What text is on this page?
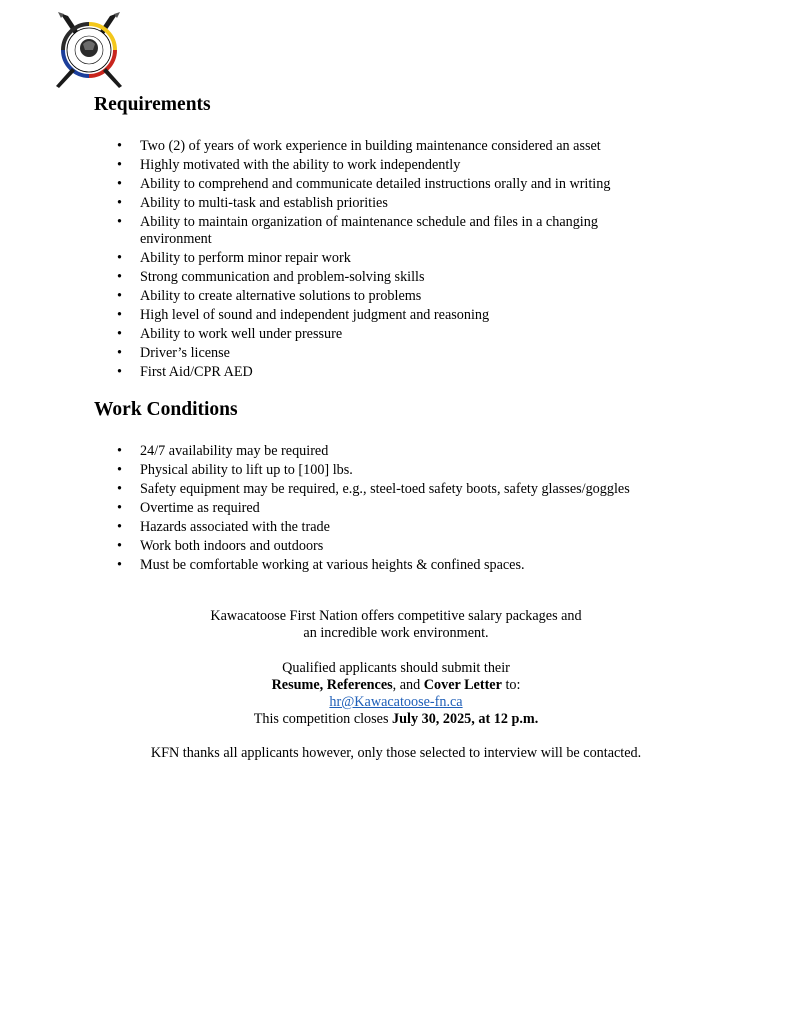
Requirements
• Two (2) of years of work experience in building maintenance considered an asset
• Highly motivated with the ability to work independently
• Ability to comprehend and communicate detailed instructions orally and in writing
• Ability to multi-task and establish priorities
• Ability to maintain organization of maintenance schedule and files in a changing environment
• Ability to perform minor repair work
• Strong communication and problem-solving skills
• Ability to create alternative solutions to problems
• High level of sound and independent judgment and reasoning
• Ability to work well under pressure
• Driver’s license
• First Aid/CPR AED
Work Conditions
• 24/7 availability may be required
• Physical ability to lift up to [100] lbs.
• Safety equipment may be required, e.g., steel-toed safety boots, safety glasses/goggles
• Overtime as required
• Hazards associated with the trade
• Work both indoors and outdoors
• Must be comfortable working at various heights & confined spaces.

Kawacatoose First Nation offers competitive salary packages and

an incredible work environment.

Qualified applicants should submit their

Resume, References, and Cover Letter to:

hr@Kawacatoose-fn.ca

This competition closes July 30, 2025, at 12 p.m.

KFN thanks all applicants however, only those selected to interview will be contacted.
